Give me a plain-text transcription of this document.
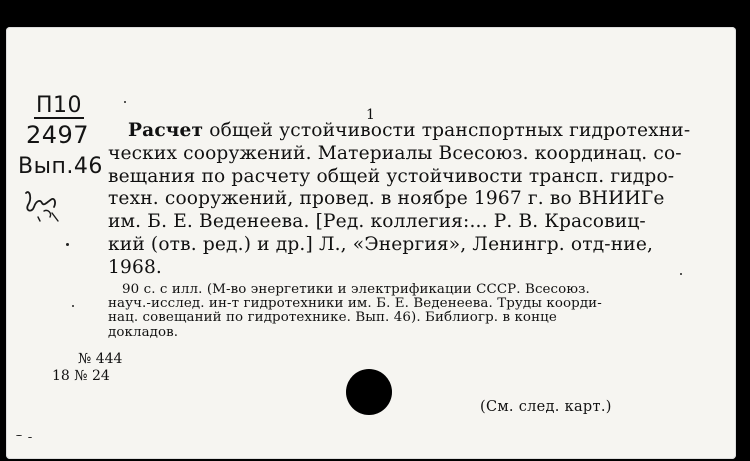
П10
2497
Вып.46
1
Расчет общей устойчивости транспортных гидротехни-
ческих сооружений. Материалы Всесоюз. координац. со-
вещания по расчету общей устойчивости трансп. гидро-
техн. сооружений, провед. в ноябре 1967 г. во ВНИИГе
им. Б. Е. Веденеева. [Ред. коллегия:... Р. В. Красовиц-
кий (отв. ред.) и др.] Л., «Энергия», Ленингр. отд-ние,
1968.
90 с. с илл. (М-во энергетики и электрификации СССР. Всесоюз.
науч.-исслед. ин-т гидротехники им. Б. Е. Веденеева. Труды коорди-
нац. совещаний по гидротехнике. Вып. 46). Библиогр. в конце
докладов.
№ 444
18 № 24
(См. след. карт.)
